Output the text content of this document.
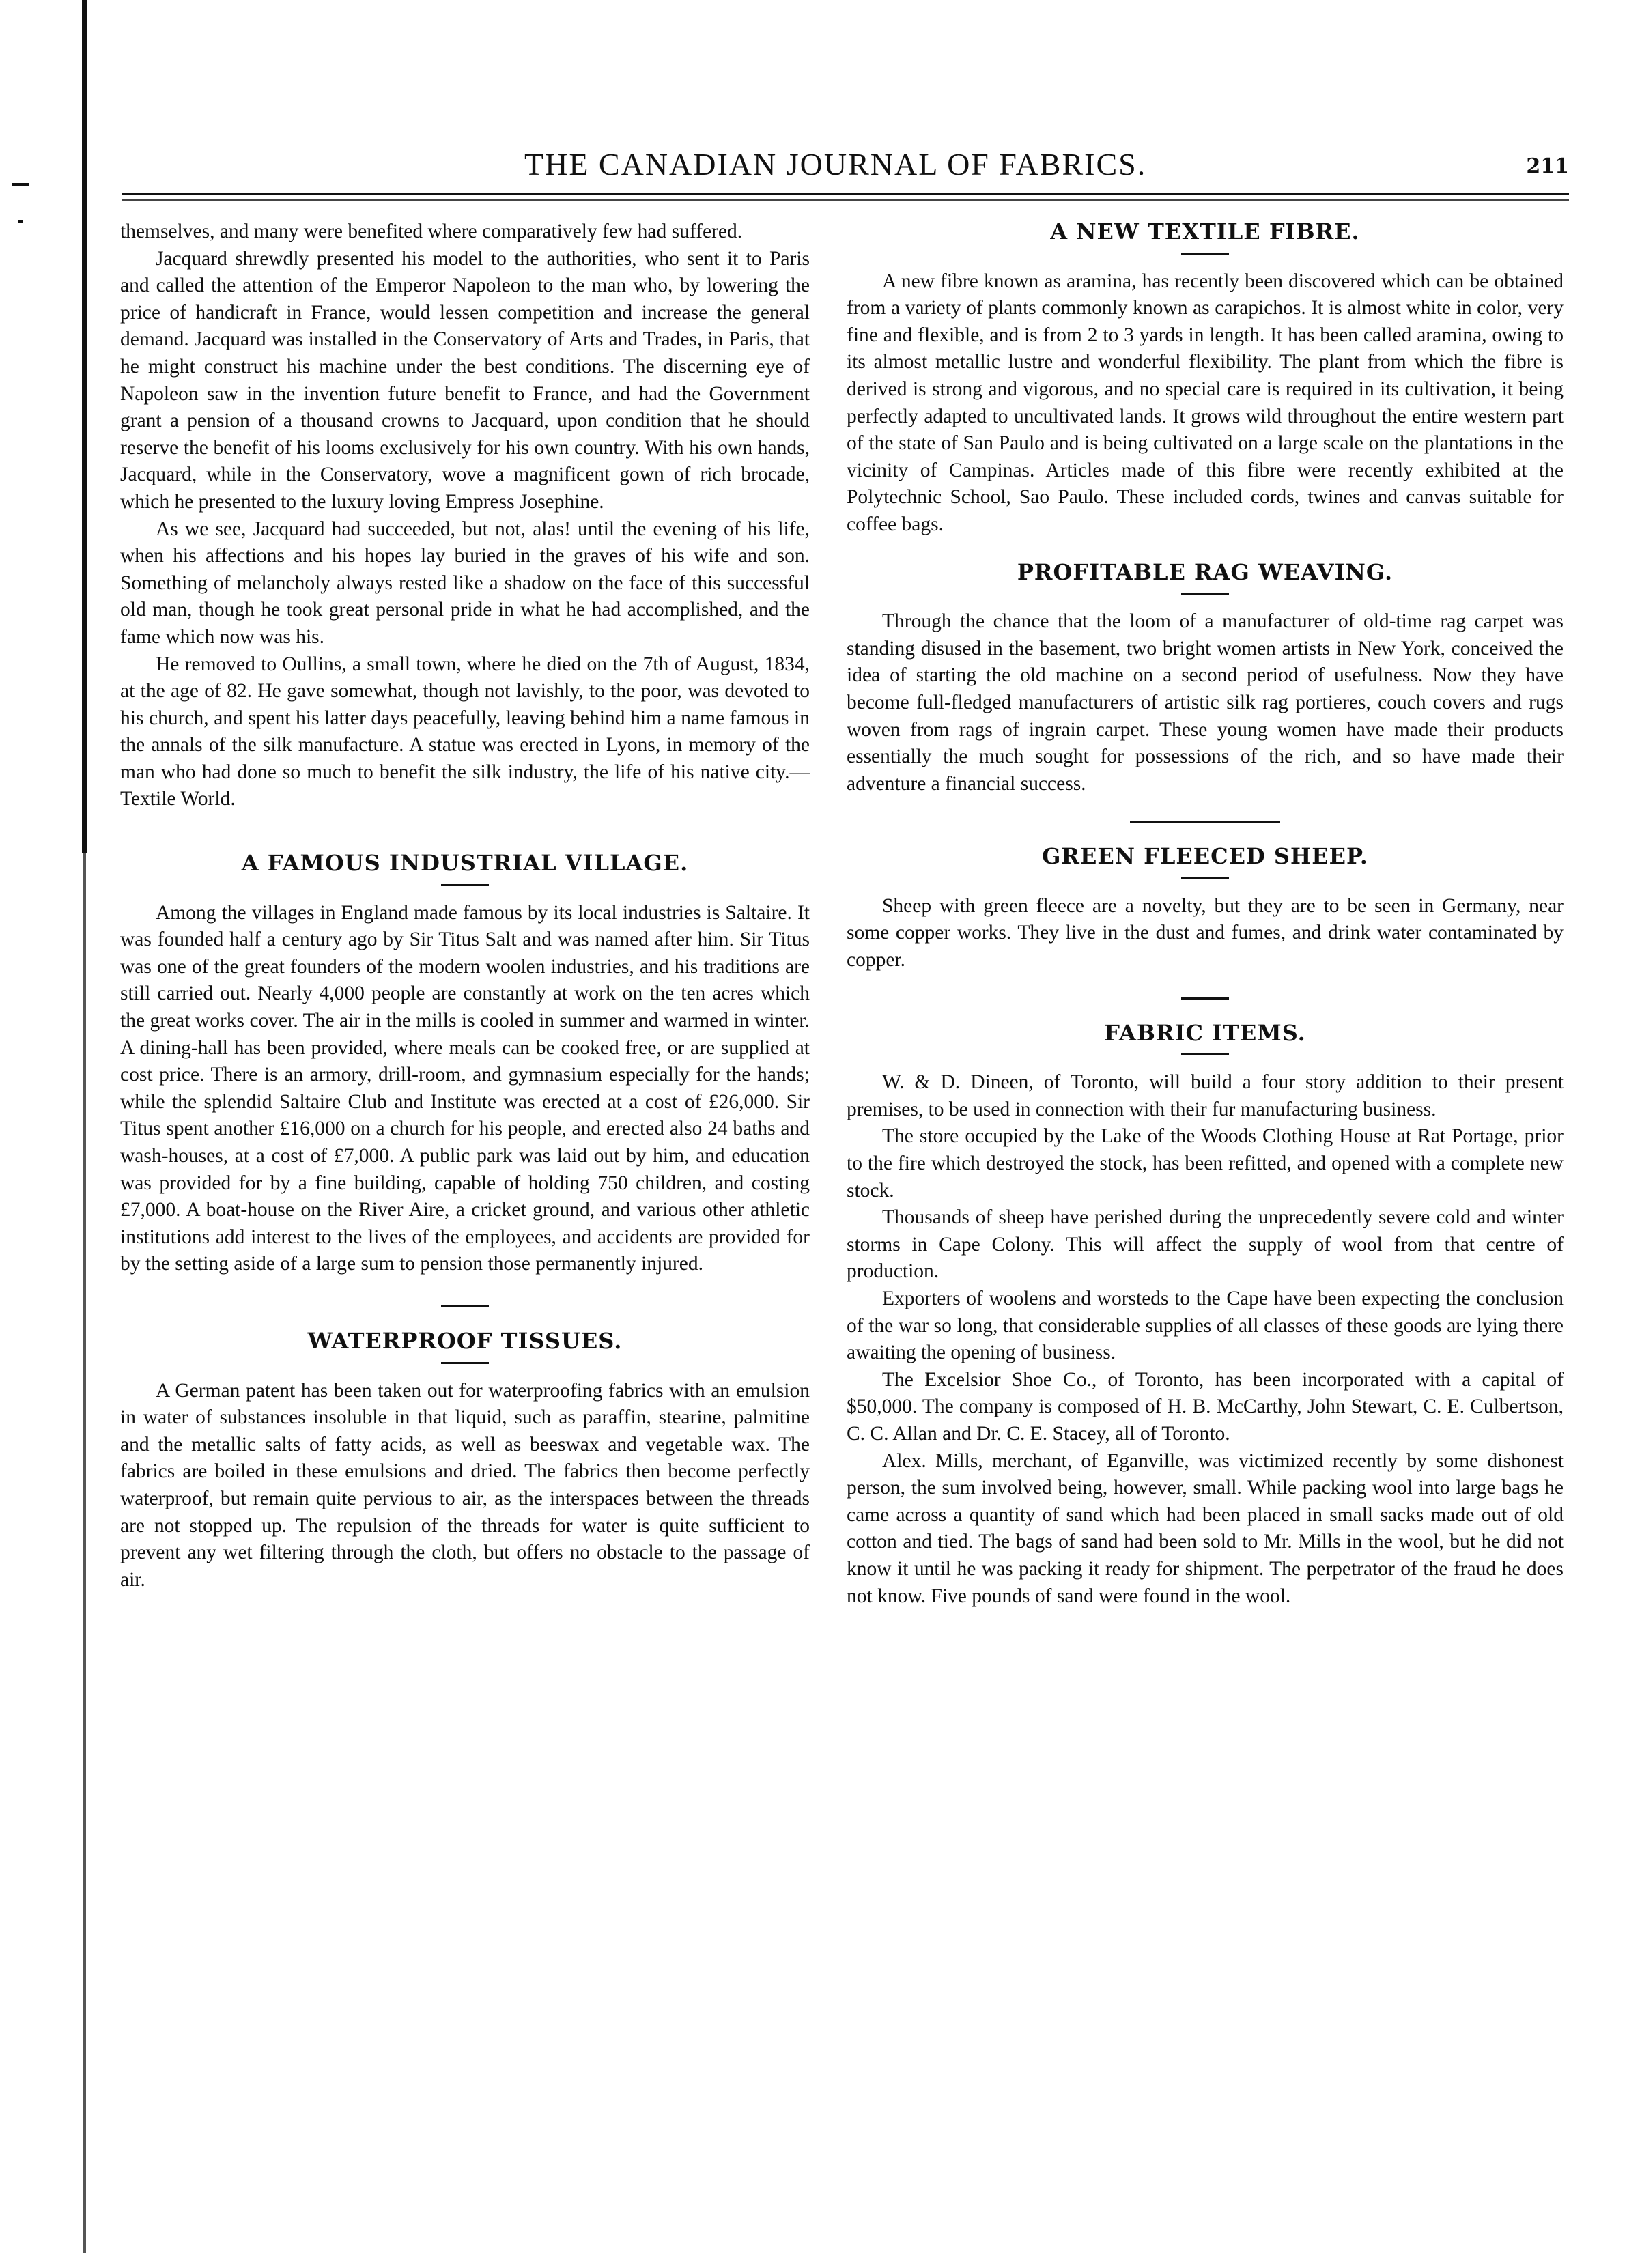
THE CANADIAN JOURNAL OF FABRICS.	211

themselves, and many were benefited where comparatively few had suffered.

Jacquard shrewdly presented his model to the authorities, who sent it to Paris and called the attention of the Emperor Napoleon to the man who, by lowering the price of handicraft in France, would lessen competition and increase the general demand. Jacquard was installed in the Conservatory of Arts and Trades, in Paris, that he might construct his machine under the best conditions. The discerning eye of Napoleon saw in the invention future benefit to France, and had the Government grant a pension of a thousand crowns to Jacquard, upon condition that he should reserve the benefit of his looms exclusively for his own country. With his own hands, Jacquard, while in the Conservatory, wove a magnificent gown of rich brocade, which he presented to the luxury loving Empress Josephine.

As we see, Jacquard had succeeded, but not, alas! until the evening of his life, when his affections and his hopes lay buried in the graves of his wife and son. Something of melancholy always rested like a shadow on the face of this successful old man, though he took great personal pride in what he had accomplished, and the fame which now was his.

He removed to Oullins, a small town, where he died on the 7th of August, 1834, at the age of 82. He gave somewhat, though not lavishly, to the poor, was devoted to his church, and spent his latter days peacefully, leaving behind him a name famous in the annals of the silk manufacture. A statue was erected in Lyons, in memory of the man who had done so much to benefit the silk industry, the life of his native city.—Textile World.

A FAMOUS INDUSTRIAL VILLAGE.

Among the villages in England made famous by its local industries is Saltaire. It was founded half a century ago by Sir Titus Salt and was named after him. Sir Titus was one of the great founders of the modern woolen industries, and his traditions are still carried out. Nearly 4,000 people are constantly at work on the ten acres which the great works cover. The air in the mills is cooled in summer and warmed in winter. A dining-hall has been provided, where meals can be cooked free, or are supplied at cost price. There is an armory, drill-room, and gymnasium especially for the hands; while the splendid Saltaire Club and Institute was erected at a cost of £26,000. Sir Titus spent another £16,000 on a church for his people, and erected also 24 baths and wash-houses, at a cost of £7,000. A public park was laid out by him, and education was provided for by a fine building, capable of holding 750 children, and costing £7,000. A boat-house on the River Aire, a cricket ground, and various other athletic institutions add interest to the lives of the employees, and accidents are provided for by the setting aside of a large sum to pension those permanently injured.

WATERPROOF TISSUES.

A German patent has been taken out for waterproofing fabrics with an emulsion in water of substances insoluble in that liquid, such as paraffin, stearine, palmitine and the metallic salts of fatty acids, as well as beeswax and vegetable wax. The fabrics are boiled in these emulsions and dried. The fabrics then become perfectly waterproof, but remain quite pervious to air, as the interspaces between the threads are not stopped up. The repulsion of the threads for water is quite sufficient to prevent any wet filtering through the cloth, but offers no obstacle to the passage of air.

A NEW TEXTILE FIBRE.

A new fibre known as aramina, has recently been discovered which can be obtained from a variety of plants commonly known as carapichos. It is almost white in color, very fine and flexible, and is from 2 to 3 yards in length. It has been called aramina, owing to its almost metallic lustre and wonderful flexibility. The plant from which the fibre is derived is strong and vigorous, and no special care is required in its cultivation, it being perfectly adapted to uncultivated lands. It grows wild throughout the entire western part of the state of San Paulo and is being cultivated on a large scale on the plantations in the vicinity of Campinas. Articles made of this fibre were recently exhibited at the Polytechnic School, Sao Paulo. These included cords, twines and canvas suitable for coffee bags.

PROFITABLE RAG WEAVING.

Through the chance that the loom of a manufacturer of old-time rag carpet was standing disused in the basement, two bright women artists in New York, conceived the idea of starting the old machine on a second period of usefulness. Now they have become full-fledged manufacturers of artistic silk rag portieres, couch covers and rugs woven from rags of ingrain carpet. These young women have made their products essentially the much sought for possessions of the rich, and so have made their adventure a financial success.

GREEN FLEECED SHEEP.

Sheep with green fleece are a novelty, but they are to be seen in Germany, near some copper works. They live in the dust and fumes, and drink water contaminated by copper.

FABRIC ITEMS.

W. & D. Dineen, of Toronto, will build a four story addition to their present premises, to be used in connection with their fur manufacturing business.

The store occupied by the Lake of the Woods Clothing House at Rat Portage, prior to the fire which destroyed the stock, has been refitted, and opened with a complete new stock.

Thousands of sheep have perished during the unprecedently severe cold and winter storms in Cape Colony. This will affect the supply of wool from that centre of production.

Exporters of woolens and worsteds to the Cape have been expecting the conclusion of the war so long, that considerable supplies of all classes of these goods are lying there awaiting the opening of business.

The Excelsior Shoe Co., of Toronto, has been incorporated with a capital of $50,000. The company is composed of H. B. McCarthy, John Stewart, C. E. Culbertson, C. C. Allan and Dr. C. E. Stacey, all of Toronto.

Alex. Mills, merchant, of Eganville, was victimized recently by some dishonest person, the sum involved being, however, small. While packing wool into large bags he came across a quantity of sand which had been placed in small sacks made out of old cotton and tied. The bags of sand had been sold to Mr. Mills in the wool, but he did not know it until he was packing it ready for shipment. The perpetrator of the fraud he does not know. Five pounds of sand were found in the wool.
